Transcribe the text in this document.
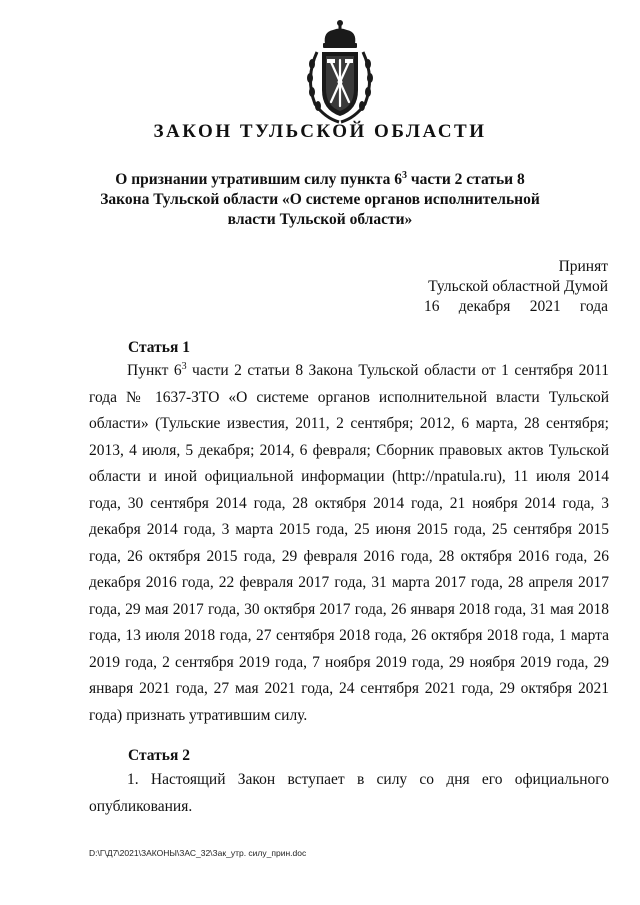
ЗАКОН ТУЛЬСКОЙ ОБЛАСТИ
О признании утратившим силу пункта $6^3$ части 2 статьи 8 Закона Тульской области «О системе органов исполнительной власти Тульской области»
Принят
Тульской областной Думой
16 декабря 2021 года
Статья 1
Пункт $6^3$ части 2 статьи 8 Закона Тульской области от 1 сентября 2011 года № 1637-ЗТО «О системе органов исполнительной власти Тульской области» (Тульские известия, 2011, 2 сентября; 2012, 6 марта, 28 сентября; 2013, 4 июля, 5 декабря; 2014, 6 февраля; Сборник правовых актов Тульской области и иной официальной информации (http://npatula.ru), 11 июля 2014 года, 30 сентября 2014 года, 28 октября 2014 года, 21 ноября 2014 года, 3 декабря 2014 года, 3 марта 2015 года, 25 июня 2015 года, 25 сентября 2015 года, 26 октября 2015 года, 29 февраля 2016 года, 28 октября 2016 года, 26 декабря 2016 года, 22 февраля 2017 года, 31 марта 2017 года, 28 апреля 2017 года, 29 мая 2017 года, 30 октября 2017 года, 26 января 2018 года, 31 мая 2018 года, 13 июля 2018 года, 27 сентября 2018 года, 26 октября 2018 года, 1 марта 2019 года, 2 сентября 2019 года, 7 ноября 2019 года, 29 ноября 2019 года, 29 января 2021 года, 27 мая 2021 года, 24 сентября 2021 года, 29 октября 2021 года) признать утратившим силу.
Статья 2
1. Настоящий Закон вступает в силу со дня его официального опубликования.
D:\Г\Д7\2021\ЗАКОНЫ\ЗАС_32\Зак_утр. силу_прин.doc
